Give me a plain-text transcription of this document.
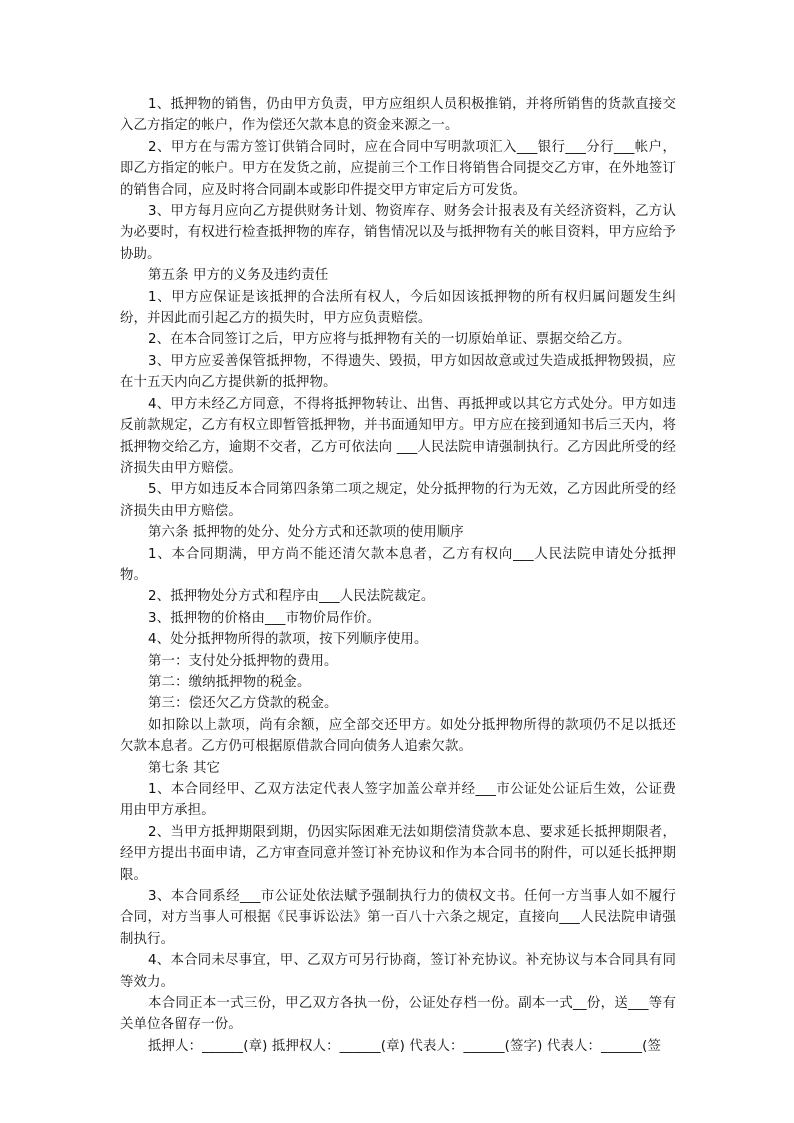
1、抵押物的销售，仍由甲方负责，甲方应组织人员积极推销，并将所销售的货款直接交入乙方指定的帐户，作为偿还欠款本息的资金来源之一。

2、甲方在与需方签订供销合同时，应在合同中写明款项汇入___银行___分行___帐户，即乙方指定的帐户。甲方在发货之前，应提前三个工作日将销售合同提交乙方审，在外地签订的销售合同，应及时将合同副本或影印件提交甲方审定后方可发货。

3、甲方每月应向乙方提供财务计划、物资库存、财务会计报表及有关经济资料，乙方认为必要时，有权进行检查抵押物的库存，销售情况以及与抵押物有关的帐目资料，甲方应给予协助。

第五条 甲方的义务及违约责任

1、甲方应保证是该抵押的合法所有权人，今后如因该抵押物的所有权归属问题发生纠纷，并因此而引起乙方的损失时，甲方应负责赔偿。

2、在本合同签订之后，甲方应将与抵押物有关的一切原始单证、票据交给乙方。

3、甲方应妥善保管抵押物，不得遗失、毁损，甲方如因故意或过失造成抵押物毁损，应在十五天内向乙方提供新的抵押物。

4、甲方未经乙方同意，不得将抵押物转让、出售、再抵押或以其它方式处分。甲方如违反前款规定，乙方有权立即暂管抵押物，并书面通知甲方。甲方应在接到通知书后三天内，将抵押物交给乙方，逾期不交者，乙方可依法向 ___人民法院申请强制执行。乙方因此所受的经济损失由甲方赔偿。

5、甲方如违反本合同第四条第二项之规定，处分抵押物的行为无效，乙方因此所受的经济损失由甲方赔偿。

第六条 抵押物的处分、处分方式和还款项的使用顺序

1、本合同期满，甲方尚不能还清欠款本息者，乙方有权向___人民法院申请处分抵押物。

2、抵押物处分方式和程序由___人民法院裁定。

3、抵押物的价格由___市物价局作价。

4、处分抵押物所得的款项，按下列顺序使用。

第一：支付处分抵押物的费用。

第二：缴纳抵押物的税金。

第三：偿还欠乙方贷款的税金。

如扣除以上款项，尚有余额，应全部交还甲方。如处分抵押物所得的款项仍不足以抵还欠款本息者。乙方仍可根据原借款合同向债务人追索欠款。

第七条 其它

1、本合同经甲、乙双方法定代表人签字加盖公章并经___市公证处公证后生效，公证费用由甲方承担。

2、当甲方抵押期限到期，仍因实际困难无法如期偿清贷款本息、要求延长抵押期限者，经甲方提出书面申请，乙方审查同意并签订补充协议和作为本合同书的附件，可以延长抵押期限。

3、本合同系经___市公证处依法赋予强制执行力的债权文书。任何一方当事人如不履行合同，对方当事人可根据《民事诉讼法》第一百八十六条之规定，直接向___人民法院申请强制执行。

4、本合同未尽事宜，甲、乙双方可另行协商，签订补充协议。补充协议与本合同具有同等效力。

本合同正本一式三份，甲乙双方各执一份，公证处存档一份。副本一式__份，送___等有关单位各留存一份。

抵押人：______(章) 抵押权人：______(章) 代表人：______(签字) 代表人：______(签
